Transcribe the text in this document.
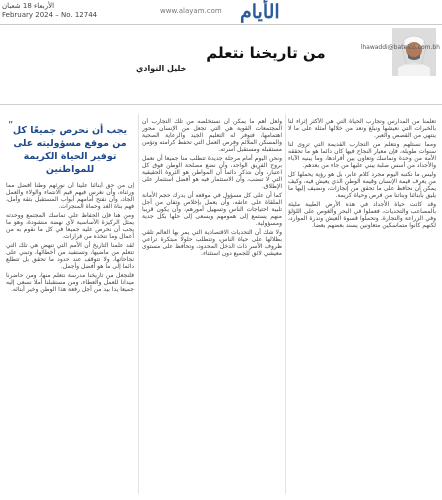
الأربعاء 18 شعبان
February 2024 – No. 12744	www.alayam.com الأيام
من تاريخنا نتعلم	lhawaddi@batelco.com.bh
خليل النوادي
” يجب أن نحرص جميعًا كل من موقع مسؤوليته على توفير الحياة الكريمة للمواطنين

تعلمنا من المدارس وتجارب الحياة التي هي الأكثر إثراء لنا بالخبرات التي نعيشها ونبلغ ونعد من خلالها أمثلة على ما لا ينتهي من القصص والعبر.

ومما نستلهم ونتعلم من التجارب القديمة التي تروى لنا سنوات طويلة، فإن معيار النجاح فيها كان دائما هو ما تحققه الأمة من وحدة وتماسك وتعاون بين أفرادها، وما يبنيه الآباء والأجداد من أسس صلبة يبني عليها من جاء من بعدهم.

وليس ما نكتبه اليوم مجرد كلام عابر، بل هو رؤية يحملها كل من يعرف قيمة الإنسان وقيمة الوطن الذي يعيش فيه، وكيف يمكن أن نحافظ على ما تحقق من إنجازات، ونضيف إليها ما يليق بأبنائنا وبناتنا من فرص وحياة كريمة.

وقد كانت حياة الأجداد في هذه الأرض الطيبة مليئة بالمصاعب والتحديات، فعملوا في البحر والغوص على اللؤلؤ وفي الزراعة والتجارة، وتحملوا قسوة العيش وندرة الموارد، لكنهم كانوا متماسكين متعاونين يسند بعضهم بعضا.

ولعل أهم ما يمكن أن نستخلصه من تلك التجارب أن المجتمعات القوية هي التي تجعل من الإنسان محور اهتمامها، فتوفر له التعليم الجيد والرعاية الصحية والمسكن الملائم وفرص العمل التي تحفظ كرامته وتؤمن مستقبله ومستقبل أسرته.

ونحن اليوم أمام مرحلة جديدة تتطلب منا جميعا أن نعمل بروح الفريق الواحد، وأن نضع مصلحة الوطن فوق كل اعتبار، وأن نتذكر دائما أن المواطن هو الثروة الحقيقية التي لا تنضب، وأن الاستثمار فيه هو أفضل استثمار على الإطلاق.

كما أن على كل مسؤول في موقعه أن يدرك حجم الأمانة الملقاة على عاتقه، وأن يعمل بإخلاص وتفان من أجل تلبية احتياجات الناس وتسهيل أمورهم، وأن يكون قريبا منهم يستمع إلى همومهم ويسعى إلى حلها بكل جدية ومسؤولية.

ولا شك أن التحديات الاقتصادية التي يمر بها العالم تلقي بظلالها على حياة الناس، وتتطلب حلولا مبتكرة تراعي ظروف الأسر ذات الدخل المحدود، وتحافظ على مستوى معيشي لائق للجميع دون استثناء.

إن من حق أبنائنا علينا أن نورثهم وطنا أفضل مما ورثناه، وأن نغرس فيهم قيم الانتماء والولاء والعمل الجاد، وأن نفتح أمامهم أبواب المستقبل بثقة وأمل، فهم بناة الغد وحماة المنجزات.

ومن هنا فإن الحفاظ على تماسك المجتمع ووحدته يمثل الركيزة الأساسية لأي نهضة منشودة، وهو ما يجب أن نحرص عليه جميعا في كل ما نقوم به من أعمال وما نتخذه من قرارات.

لقد علمنا التاريخ أن الأمم التي تنهض هي تلك التي تتعلم من ماضيها، وتستفيد من أخطائها، وتبني على نجاحاتها، ولا تتوقف عند حدود ما تحقق بل تتطلع دائما إلى ما هو أفضل وأجمل.

فلنجعل من تاريخنا مدرسة نتعلم منها، ومن حاضرنا ميدانا للعمل والعطاء، ومن مستقبلنا أملا نسعى إليه جميعا يدا بيد من أجل رفعة هذا الوطن وخير أبنائه.
